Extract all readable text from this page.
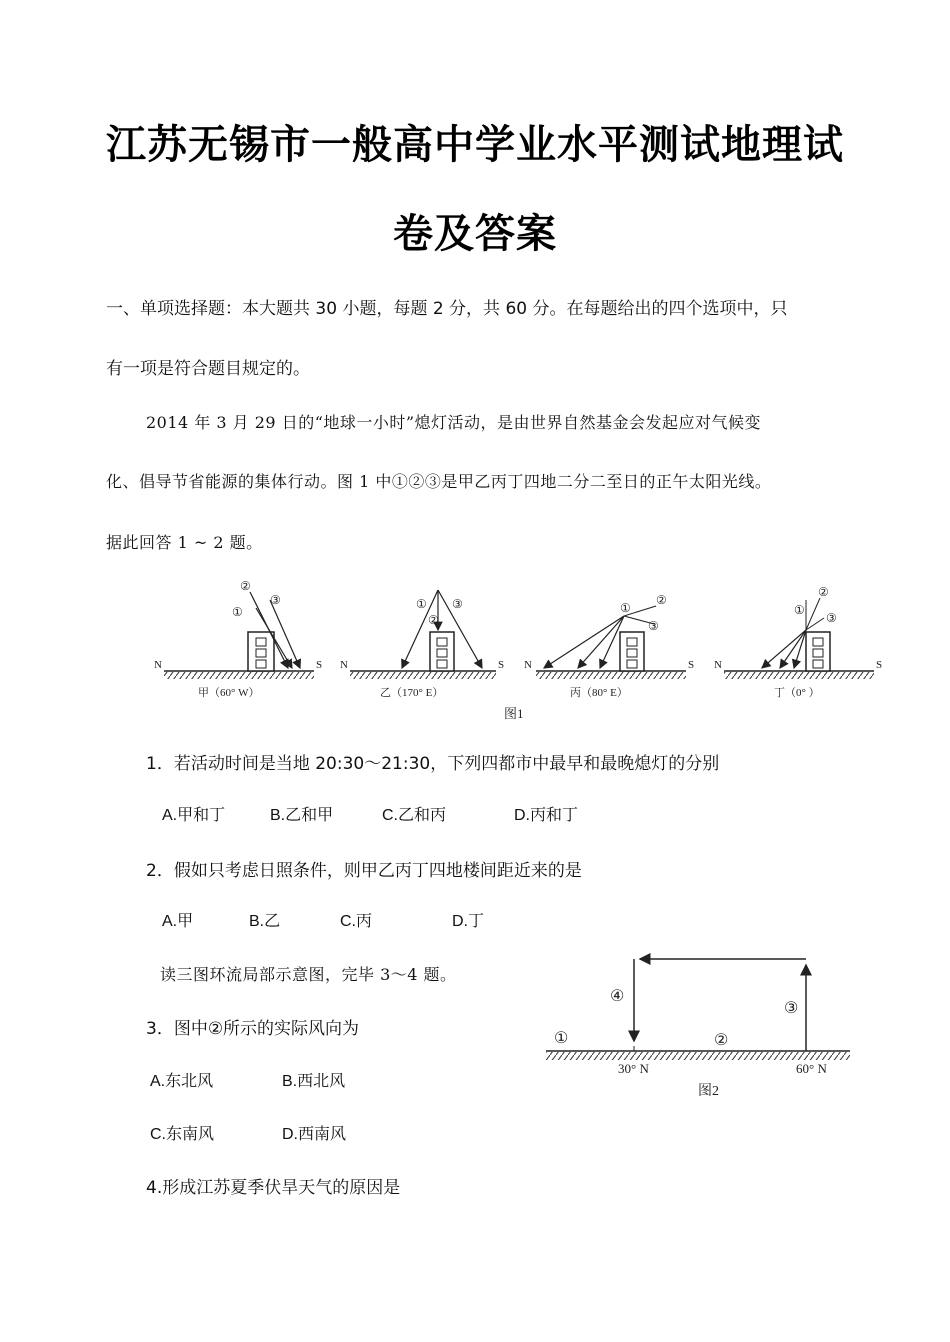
江苏无锡市一般高中学业水平测试地理试
卷及答案
一、单项选择题：本大题共 30 小题，每题 2 分，共 60 分。在每题给出的四个选项中，只
有一项是符合题目规定的。
2014 年 3 月 29 日的“地球一小时”熄灯活动，是由世界自然基金会发起应对气候变
化、倡导节省能源的集体行动。图 1 中①②③是甲乙丙丁四地二分二至日的正午太阳光线。
据此回答 1 ~ 2 题。
N	S
②
①
③
甲（60° W）
N	S
①
②
③
乙（170° E）
N	S
①
②
③
丙（80° E）
N	S
①
②
③
丁（0° ）
图1
1．若活动时间是当地 20:30～21:30，下列四都市中最早和最晚熄灯的分别
A.甲和丁	B.乙和甲	C.乙和丙	D.丙和丁
2．假如只考虑日照条件，则甲乙丙丁四地楼间距近来的是
A.甲	B.乙	C.丙	D.丁
①	②
③
④
30° N	60° N
图2
读三图环流局部示意图，完毕 3～4 题。
3．图中②所示的实际风向为
A.东北风	B.西北风
C.东南风	D.西南风
4.形成江苏夏季伏旱天气的原因是
